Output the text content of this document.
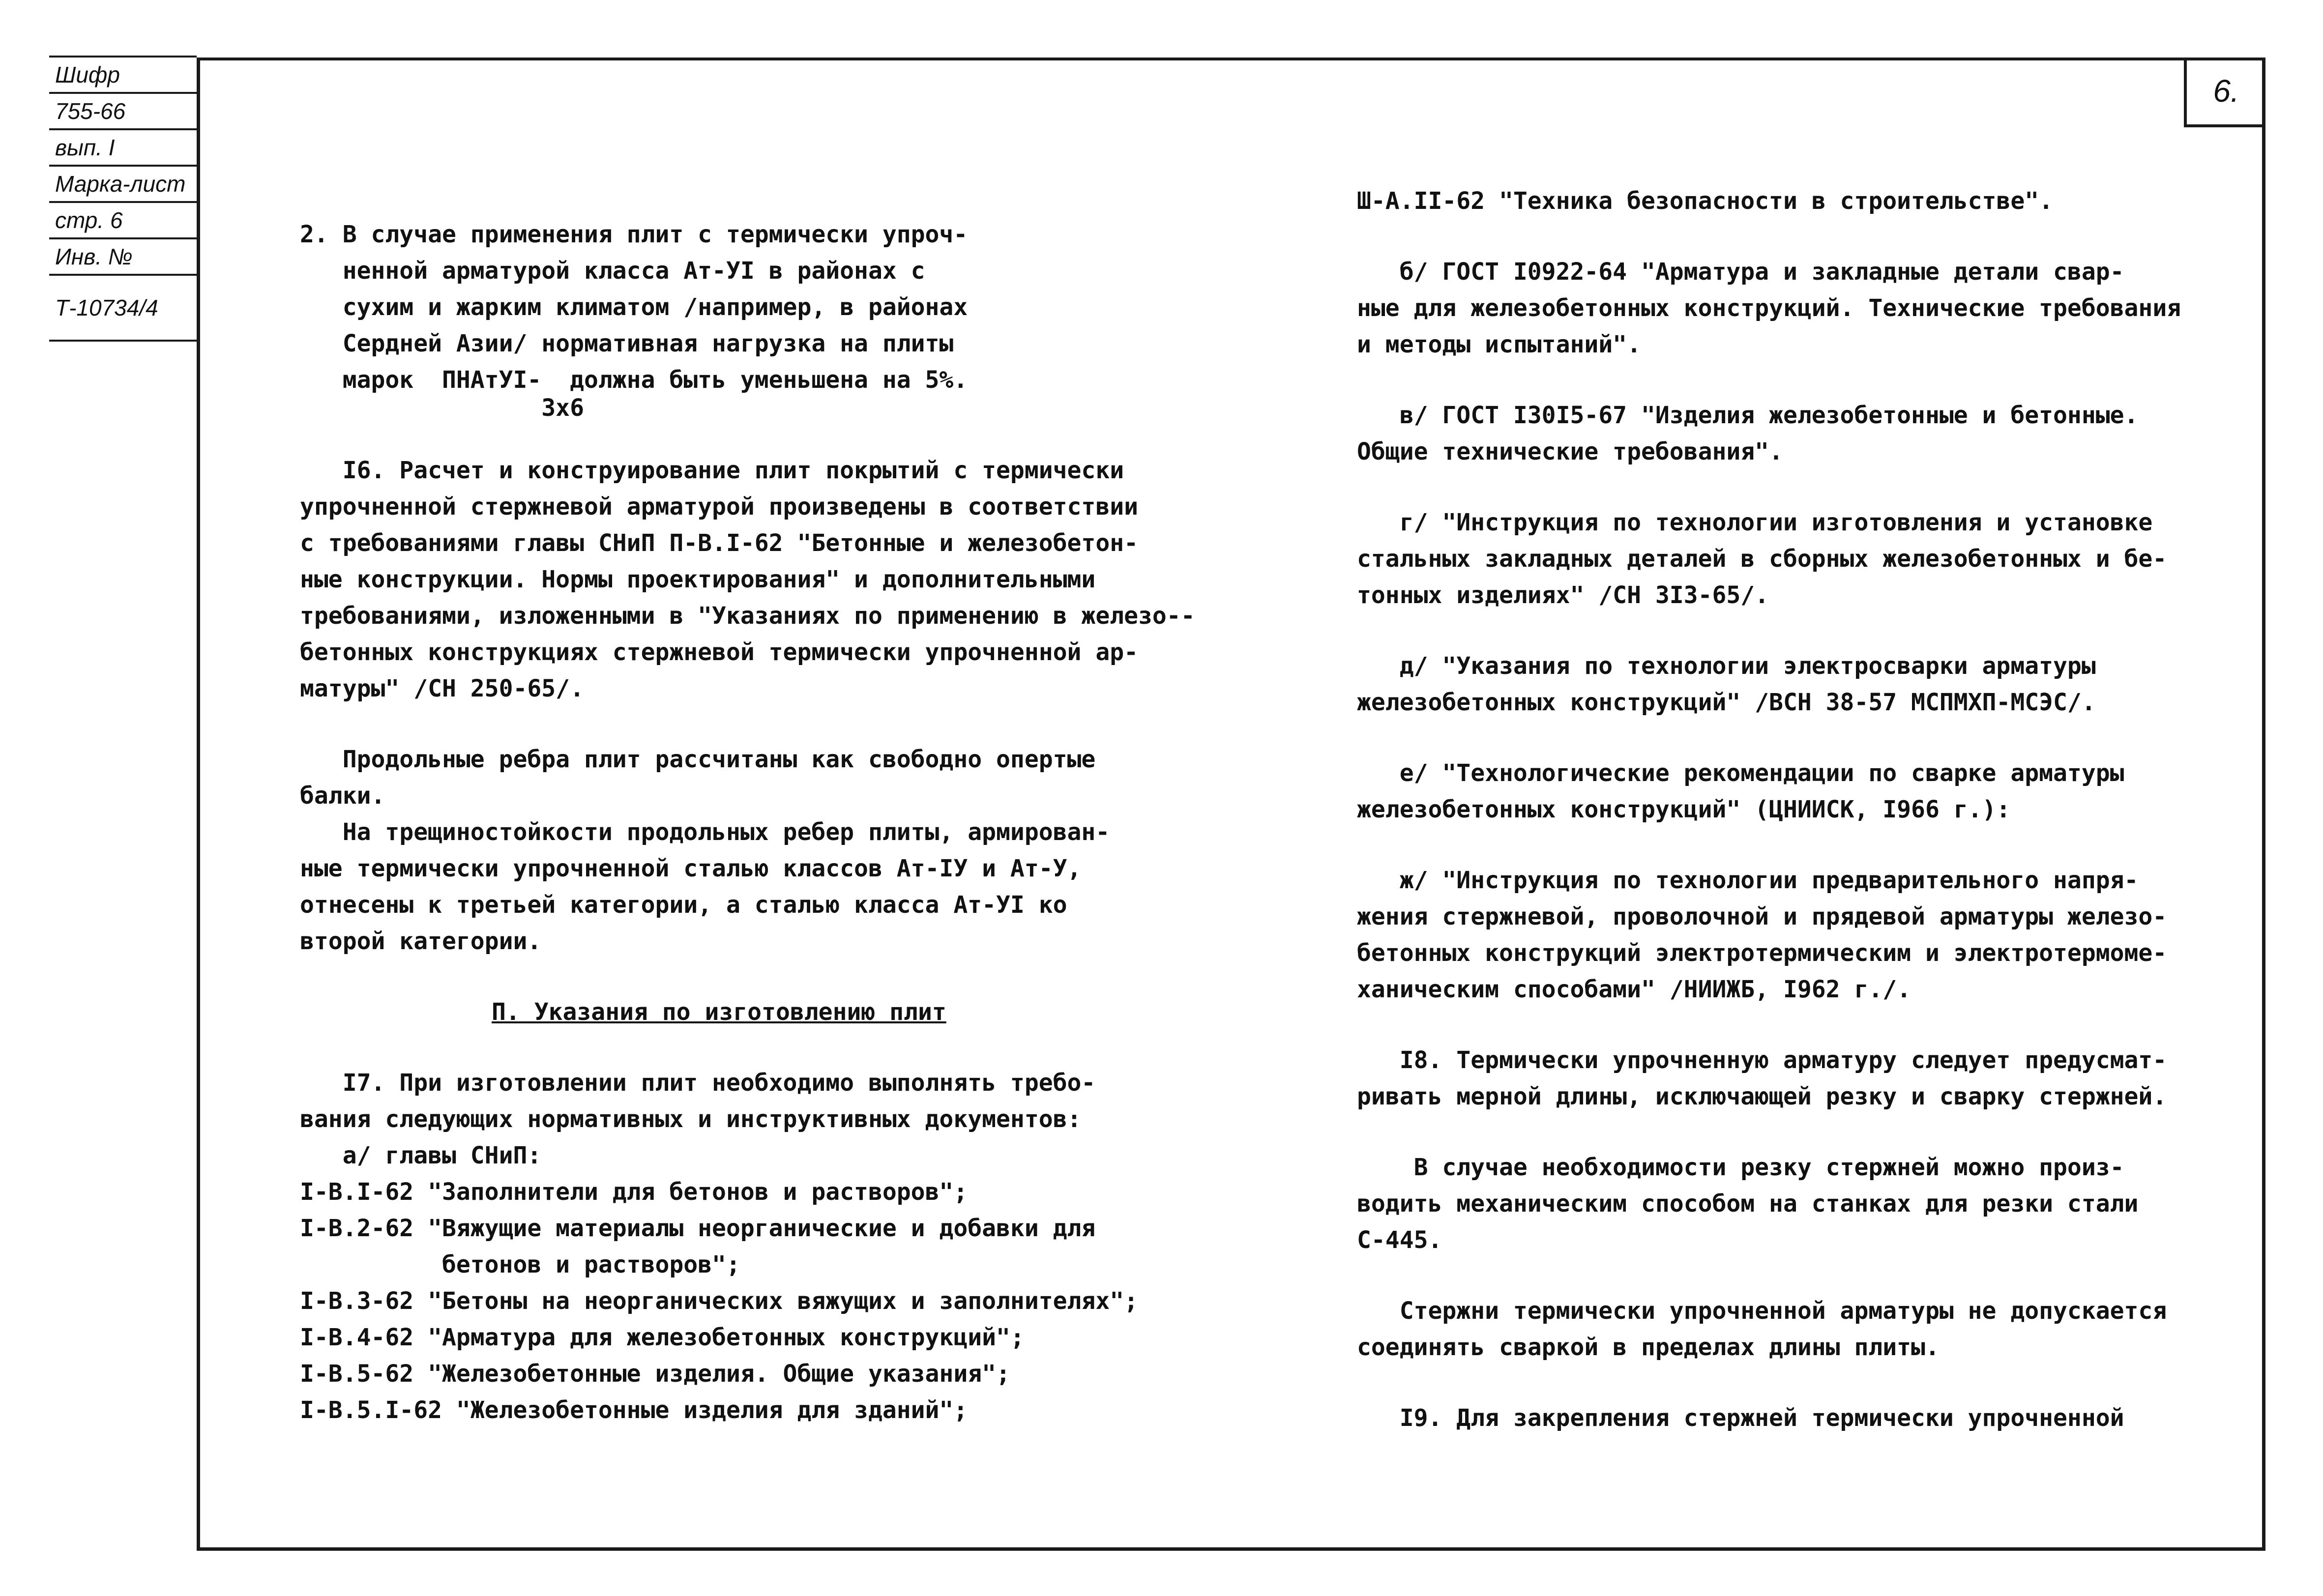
6.
Шифр
755-66
вып. I
Марка-лист
стр. 6
Инв. №
Т-10734/4

2. В случае применения плит с термически упроч-

ненной арматурой класса Ат-УI в районах с

сухим и жарким климатом /например, в районах

Сердней Азии/ нормативная нагрузка на плиты

марок  ПНАтУI-  должна быть уменьшена на 5%.

3х6

I6. Расчет и конструирование плит покрытий с термически

упрочненной стержневой арматурой произведены в соответствии

с требованиями главы СНиП П-В.I-62 "Бетонные и железобетон-

ные конструкции. Нормы проектирования" и дополнительными

требованиями, изложенными в "Указаниях по применению в железо--

бетонных конструкциях стержневой термически упрочненной ар-

матуры" /СН 250-65/.

Продольные ребра плит рассчитаны как свободно опертые

балки.

На трещиностойкости продольных ребер плиты, армирован-

ные термически упрочненной сталью классов Ат-IУ и Ат-У,

отнесены к третьей категории, а сталью класса Ат-УI ко

второй категории.

П. Указания по изготовлению плит

I7. При изготовлении плит необходимо выполнять требо-

вания следующих нормативных и инструктивных документов:

а/ главы СНиП:

I-В.I-62 "Заполнители для бетонов и растворов";

I-В.2-62 "Вяжущие материалы неорганические и добавки для

бетонов и растворов";

I-В.3-62 "Бетоны на неорганических вяжущих и заполнителях";

I-В.4-62 "Арматура для железобетонных конструкций";

I-В.5-62 "Железобетонные изделия. Общие указания";

I-В.5.I-62 "Железобетонные изделия для зданий";

Ш-А.II-62 "Техника безопасности в строительстве".

б/ ГОСТ I0922-64 "Арматура и закладные детали свар-

ные для железобетонных конструкций. Технические требования

и методы испытаний".

в/ ГОСТ I30I5-67 "Изделия железобетонные и бетонные.

Общие технические требования".

г/ "Инструкция по технологии изготовления и установке

стальных закладных деталей в сборных железобетонных и бе-

тонных изделиях" /СН 3I3-65/.

д/ "Указания по технологии электросварки арматуры

железобетонных конструкций" /ВСН 38-57 МСПМХП-МСЭС/.

е/ "Технологические рекомендации по сварке арматуры

железобетонных конструкций" (ЦНИИСК, I966 г.):

ж/ "Инструкция по технологии предварительного напря-

жения стержневой, проволочной и прядевой арматуры железо-

бетонных конструкций электротермическим и электротермоме-

ханическим способами" /НИИЖБ, I962 г./.

I8. Термически упрочненную арматуру следует предусмат-

ривать мерной длины, исключающей резку и сварку стержней.

В случае необходимости резку стержней можно произ-

водить механическим способом на станках для резки стали

С-445.

Стержни термически упрочненной арматуры не допускается

соединять сваркой в пределах длины плиты.

I9. Для закрепления стержней термически упрочненной
